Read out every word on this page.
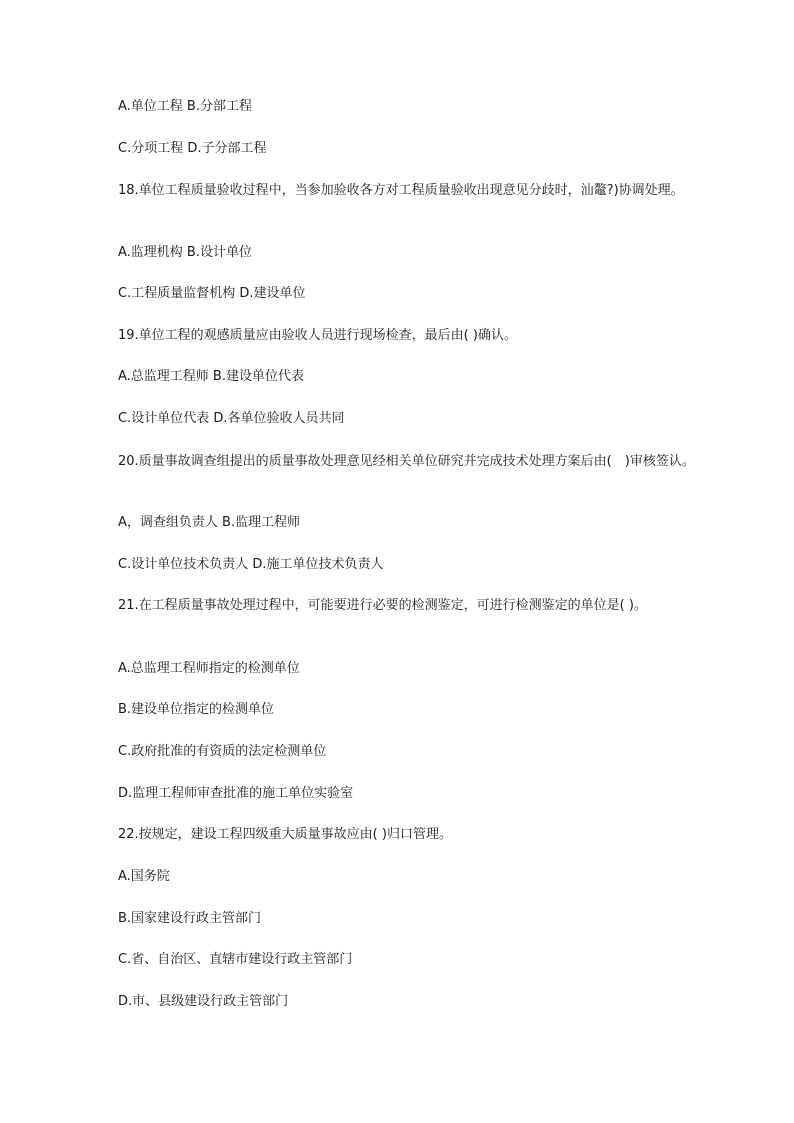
A.单位工程 B.分部工程

C.分项工程 D.子分部工程

18.单位工程质量验收过程中，当参加验收各方对工程质量验收出现意见分歧时，汕鼇?)协调处理。

A.监理机构 B.设计单位

C.工程质量监督机构 D.建设单位

19.单位工程的观感质量应由验收人员进行现场检查，最后由( )确认。

A.总监理工程师 B.建设单位代表

C.设计单位代表 D.各单位验收人员共同

20.质量事故调查组提出的质量事故处理意见经相关单位研究并完成技术处理方案后由(　)审核签认。

A，调查组负责人 B.监理工程师

C.设计单位技术负责人 D.施工单位技术负责人

21.在工程质量事故处理过程中，可能要进行必要的检测鉴定，可进行检测鉴定的单位是( )。

A.总监理工程师指定的检测单位

B.建设单位指定的检测单位

C.政府批准的有资质的法定检测单位

D.监理工程师审查批准的施工单位实验室

22.按规定，建设工程四级重大质量事故应由( )归口管理。

A.国务院

B.国家建设行政主管部门

C.省、自治区、直辖市建设行政主管部门

D.市、县级建设行政主管部门
